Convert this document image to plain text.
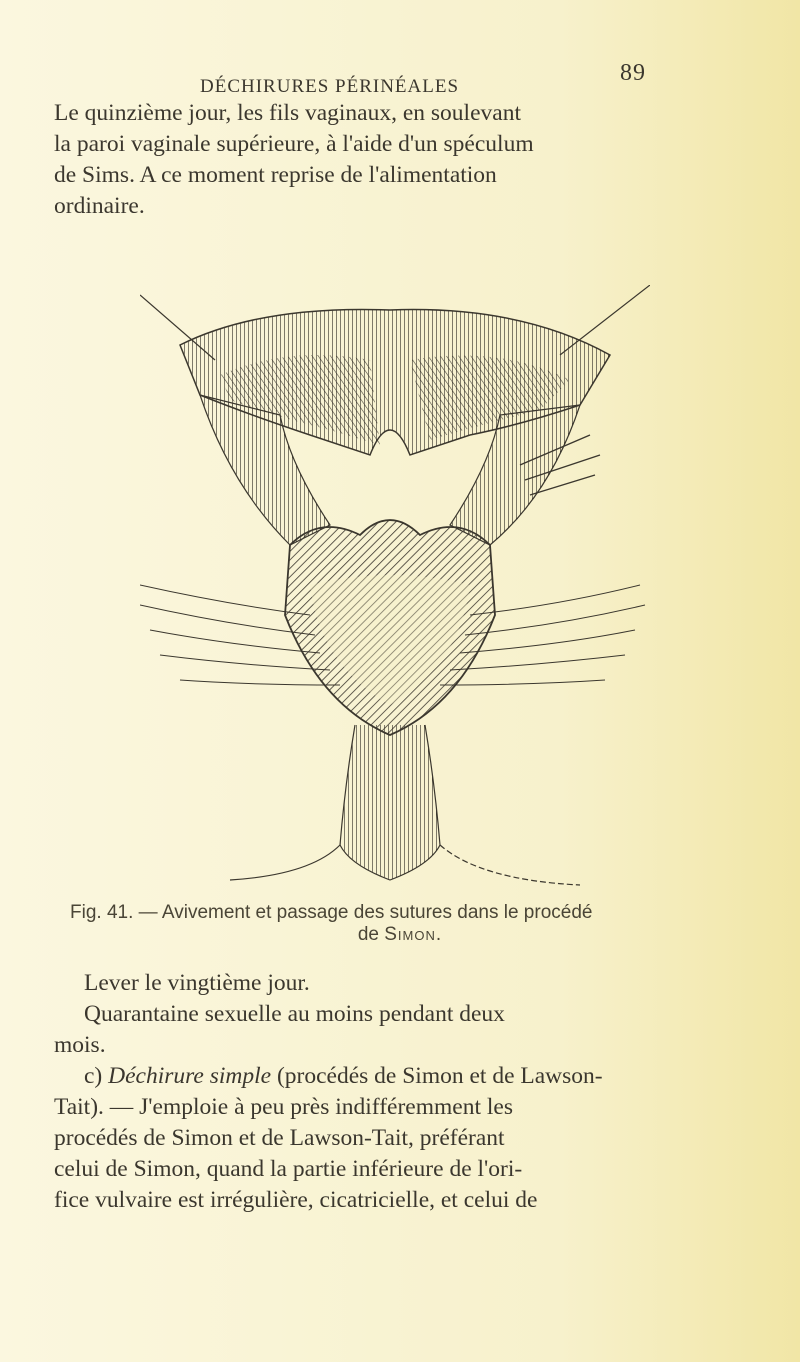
DÉCHIRURES PÉRINÉALES
89
Le quinzième jour, les fils vaginaux, en soulevant
la paroi vaginale supérieure, à l'aide d'un spéculum
de Sims. A ce moment reprise de l'alimentation
ordinaire.
Fig. 41. — Avivement et passage des sutures dans le procédé
de Simon.
Lever le vingtième jour.
Quarantaine sexuelle au moins pendant deux
mois.
c) Déchirure simple (procédés de Simon et de Lawson-
Tait). — J'emploie à peu près indifféremment les
procédés de Simon et de Lawson-Tait, préférant
celui de Simon, quand la partie inférieure de l'ori-
fice vulvaire est irrégulière, cicatricielle, et celui de
